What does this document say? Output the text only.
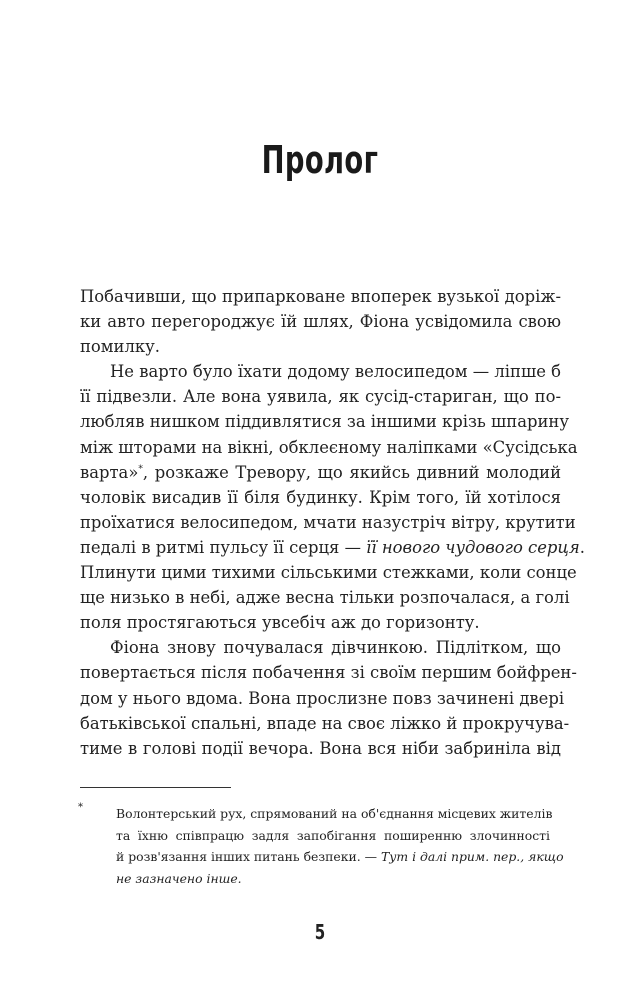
Пролог
Побачивши, що припарковане впоперек вузької доріж-
ки авто перегороджує їй шлях, Фіона усвідомила свою
помилку.
Не варто було їхати додому велосипедом — ліпше б
її підвезли. Але вона уявила, як сусід-стариган, що по-
любляв нишком піддивлятися за іншими крізь шпарину
між шторами на вікні, обклеєному наліпками «Сусідська
варта»*, розкаже Тревору, що якийсь дивний молодий
чоловік висадив її біля будинку. Крім того, їй хотілося
проїхатися велосипедом, мчати назустріч вітру, крутити
педалі в ритмі пульсу її серця — її нового чудового серця.
Плинути цими тихими сільськими стежками, коли сонце
ще низько в небі, адже весна тільки розпочалася, а голі
поля простягаються увсебіч аж до горизонту.
Фіона знову почувалася дівчинкою. Підлітком, що
повертається після побачення зі своїм першим бойфрен-
дом у нього вдома. Вона прослизне повз зачинені двері
батьківської спальні, впаде на своє ліжко й прокручува-
тиме в голові події вечора. Вона вся ніби забриніла від
*	Волонтерський рух, спрямований на об'єднання місцевих жителів
та їхню співпрацю задля запобігання поширенню злочинності
й розв'язання інших питань безпеки. — Тут і далі прим. пер., якщо
не зазначено інше.
5
